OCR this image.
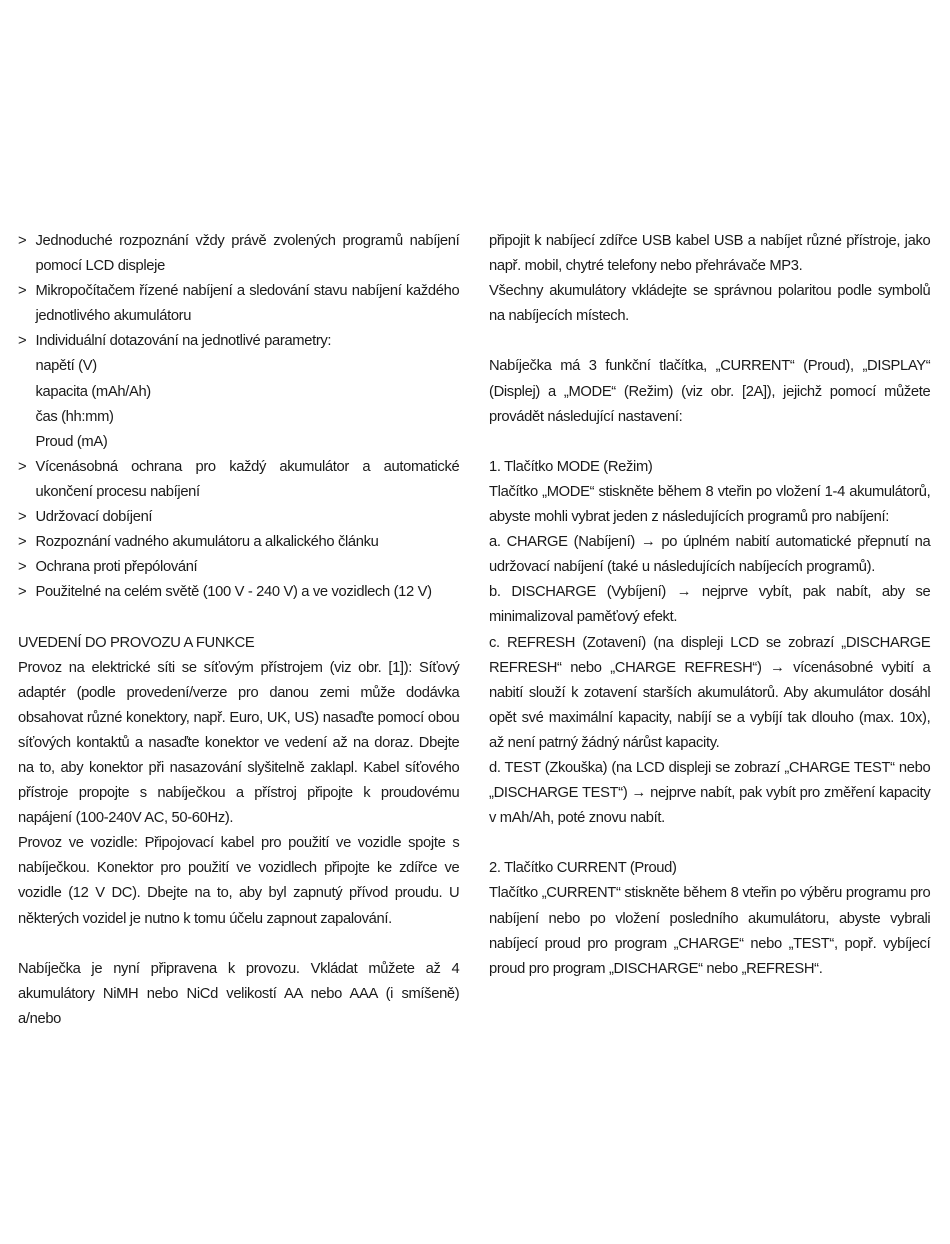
> Jednoduché rozpoznání vždy právě zvolených programů nabíjení pomocí LCD displeje
> Mikropočítačem řízené nabíjení a sledování stavu nabíjení každého jednotlivého akumulátoru
> Individuální dotazování na jednotlivé parametry:
napětí (V)
kapacita (mAh/Ah)
čas (hh:mm)
Proud (mA)
> Vícenásobná ochrana pro každý akumulátor a automatické ukončení procesu nabíjení
> Udržovací dobíjení
> Rozpoznání vadného akumulátoru a alkalického článku
> Ochrana proti přepólování
> Použitelné na celém světě (100 V - 240 V) a ve vozidlech (12 V)
UVEDENÍ DO PROVOZU A FUNKCE
Provoz na elektrické síti se síťovým přístrojem (viz obr. [1]): Síťový adaptér (podle provedení/verze pro danou zemi může dodávka obsahovat různé konektory, např. Euro, UK, US) nasaďte pomocí obou síťových kontaktů a nasaďte konektor ve vedení až na doraz. Dbejte na to, aby konektor při nasazování slyšitelně zaklapl. Kabel síťového přístroje propojte s nabíječkou a přístroj připojte k proudovému napájení (100-240V AC, 50-60Hz).
Provoz ve vozidle: Připojovací kabel pro použití ve vozidle spojte s nabíječkou. Konektor pro použití ve vozidlech připojte ke zdířce ve vozidle (12 V DC). Dbejte na to, aby byl zapnutý přívod proudu. U některých vozidel je nutno k tomu účelu zapnout zapalování.
Nabíječka je nyní připravena k provozu. Vkládat můžete až 4 akumulátory NiMH nebo NiCd velikostí AA nebo AAA (i smíšeně) a/nebo
připojit k nabíjecí zdířce USB kabel USB a nabíjet různé přístroje, jako např. mobil, chytré telefony nebo přehrávače MP3.
Všechny akumulátory vkládejte se správnou polaritou podle symbolů na nabíjecích místech.
Nabíječka má 3 funkční tlačítka, „CURRENT“ (Proud), „DISPLAY“ (Displej) a „MODE“ (Režim) (viz obr. [2A]), jejichž pomocí můžete provádět následující nastavení:
1. Tlačítko MODE (Režim)
Tlačítko „MODE“ stiskněte během 8 vteřin po vložení 1-4 akumulátorů, abyste mohli vybrat jeden z následujících programů pro nabíjení:
a. CHARGE (Nabíjení) → po úplném nabití automatické přepnutí na udržovací nabíjení (také u následujících nabíjecích programů).
b. DISCHARGE (Vybíjení) → nejprve vybít, pak nabít, aby se minimalizoval paměťový efekt.
c. REFRESH (Zotavení) (na displeji LCD se zobrazí „DISCHARGE REFRESH“ nebo „CHARGE REFRESH“) → vícenásobné vybití a nabití slouží k zotavení starších akumulátorů. Aby akumulátor dosáhl opět své maximální kapacity, nabíjí se a vybíjí tak dlouho (max. 10x), až není patrný žádný nárůst kapacity.
d. TEST (Zkouška) (na LCD displeji se zobrazí „CHARGE TEST“ nebo „DISCHARGE TEST“) → nejprve nabít, pak vybít pro změření kapacity v mAh/Ah, poté znovu nabít.
2. Tlačítko CURRENT (Proud)
Tlačítko „CURRENT“ stiskněte během 8 vteřin po výběru programu pro nabíjení nebo po vložení posledního akumulátoru, abyste vybrali nabíjecí proud pro program „CHARGE“ nebo „TEST“, popř. vybíjecí proud pro program „DISCHARGE“ nebo „REFRESH“.
